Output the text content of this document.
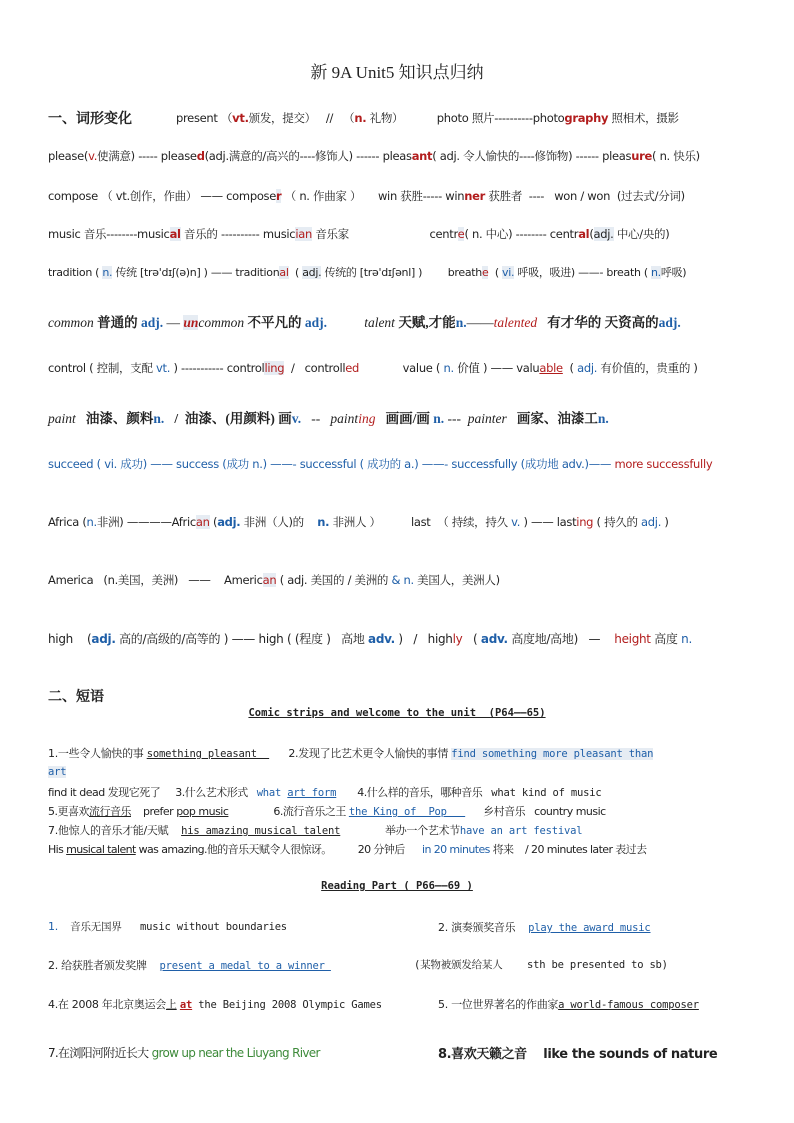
新 9A Unit5 知识点归纳
一、词形变化	present （vt.颁发，提交）   //   （n. 礼物）          photo 照片----------photography 照相术，摄影
please(v.使满意) ----- pleased(adj.满意的/高兴的----修饰人) ------ pleasant( adj. 令人愉快的----修饰物) ------ pleasure( n. 快乐)
compose （ vt.创作，作曲） —— composer （ n. 作曲家 ）     win 获胜----- winner 获胜者  ----   won / won  (过去式/分词)
music 音乐--------musical 音乐的 ---------- musician 音乐家                        centre( n. 中心) -------- central(adj. 中心/央的)
tradition ( n. 传统 [trə'dɪʃ(ə)n] ) —— traditional  ( adj. 传统的 [trə'dɪʃənl] )        breathe  ( vi. 呼吸，吸进) ——- breath ( n.呼吸)
common 普通的 adj. — uncommon 不平凡的 adj.           talent 天赋,才能n.——talented   有才华的 天资高的adj.
control ( 控制，支配 vt. ) ----------- controlling  /   controlled             value ( n. 价值 ) —— valuable  ( adj. 有价值的，贵重的 )
paint   油漆、颜料n.   /  油漆、(用颜料) 画v.   --   painting   画画/画 n. ---  painter   画家、油漆工n.
succeed ( vi. 成功) —— success (成功 n.) ——- successful ( 成功的 a.) ——- successfully (成功地 adv.)—— more successfully
Africa (n.非洲) ————African (adj. 非洲（人)的    n. 非洲人 ）         last  （ 持续，持久 v. ) —— lasting ( 持久的 adj. )
America   (n.美国，美洲)   ——    American ( adj. 美国的 / 美洲的 & n. 美国人，美洲人)
high    (adj. 高的/高级的/高等的 ) —— high ( (程度 )   高地 adv. )   /   highly   ( adv. 高度地/高地)   —    height 高度 n.
二、短语
Comic strips and welcome to the unit  (P64——65)
1.一些令人愉快的事 something pleasant        2.发现了比艺术更令人愉快的事情 find something more pleasant than
art
find it dead 发现它死了     3.什么艺术形式   what art form       4.什么样的音乐，哪种音乐   what kind of music
5.更喜欢流行音乐    prefer pop music               6.流行音乐之王 the King of  Pop         乡村音乐   country music
7.他惊人的音乐才能/天赋    his amazing musical talent              举办一个艺术节have an art festival
His musical talent was amazing.他的音乐天赋令人很惊讶。         20 分钟后      in 20 minutes 将来    / 20 minutes later 表过去
Reading Part ( P66——69 )
1.  音乐无国界   music without boundaries	2. 演奏颁奖音乐    play the award music
2. 给获胜者颁发奖牌    present a medal to a winner	(某物被颁发给某人    sth be presented to sb)
4.在 2008 年北京奥运会上 at the Beijing 2008 Olympic Games	5. 一位世界著名的作曲家a world-famous composer
7.在浏阳河附近长大 grow up near the Liuyang River	8.喜欢天籁之音    like the sounds of nature
